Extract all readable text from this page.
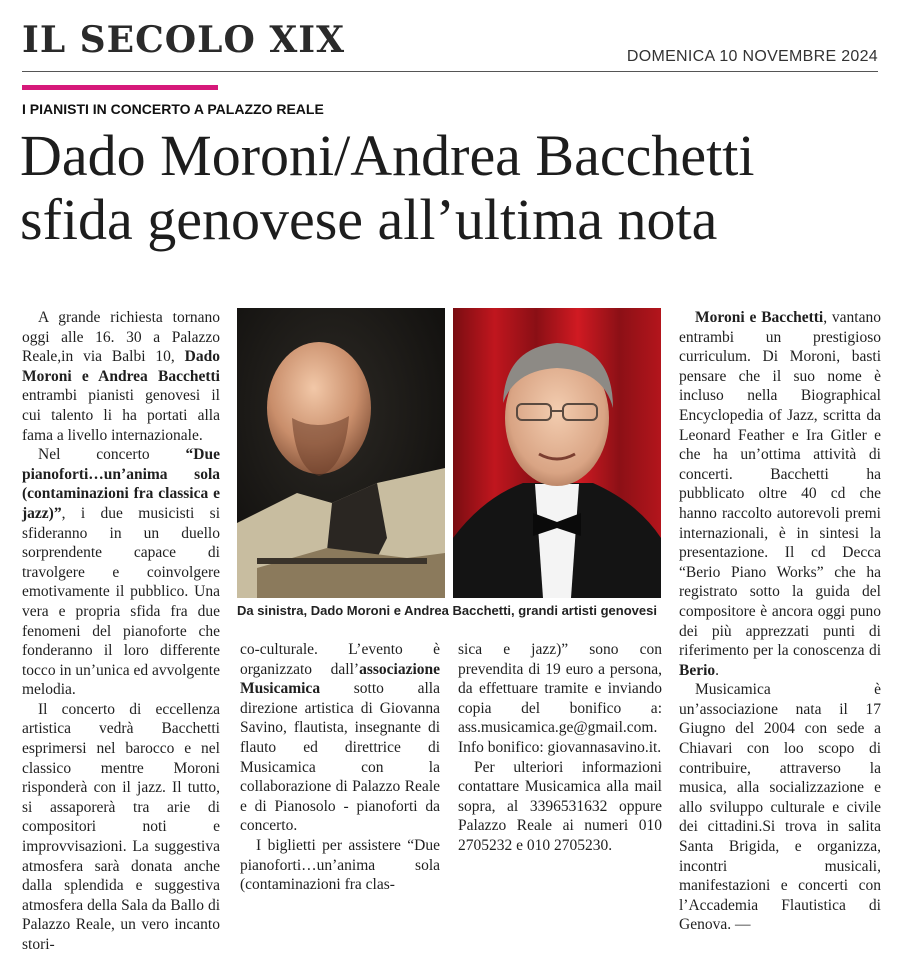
IL SECOLO XIX	DOMENICA 10 NOVEMBRE 2024
I PIANISTI IN CONCERTO A PALAZZO REALE
Dado Moroni/Andrea Bacchetti
sfida genovese all’ultima nota

A grande richiesta tornano oggi alle 16. 30 a Palazzo Reale,in via Balbi 10, Dado Moroni e Andrea Bacchetti entrambi pianisti genovesi il cui talento li ha portati alla fama a livello internazionale.

Nel concerto “Due pianoforti…un’anima sola (contaminazioni fra classica e jazz)”, i due musicisti si sfideranno in un duello sorprendente capace di travolgere e coinvolgere emotivamente il pubblico. Una vera e propria sfida fra due fenomeni del pianoforte che fonderanno il loro differente tocco in un’unica ed avvolgente melodia.

Il concerto di eccellenza artistica vedrà Bacchetti esprimersi nel barocco e nel classico mentre Moroni risponderà con il jazz. Il tutto, si assaporerà tra arie di compositori noti e improvvisazioni. La suggestiva atmosfera sarà donata anche dalla splendida e suggestiva atmosfera della Sala da Ballo di Palazzo Reale, un vero incanto stori-

Da sinistra, Dado Moroni e Andrea Bacchetti, grandi artisti genovesi

co-culturale. L’evento è organizzato dall’associazione Musicamica sotto alla direzione artistica di Giovanna Savino, flautista, insegnante di flauto ed direttrice di Musicamica con la collaborazione di Palazzo Reale e di Pianosolo - pianoforti da concerto.

I biglietti per assistere “Due pianoforti…un’anima sola (contaminazioni fra clas-

sica e jazz)” sono con prevendita di 19 euro a persona, da effettuare tramite e inviando copia del bonifico a: ass.musicamica.ge@gmail.com. Info bonifico: giovannasavino.it.

Per ulteriori informazioni contattare Musicamica alla mail sopra, al 3396531632 oppure Palazzo Reale ai numeri 010 2705232 e 010 2705230.

Moroni e Bacchetti, vantano entrambi un prestigioso curriculum. Di Moroni, basti pensare che il suo nome è incluso nella Biographical Encyclopedia of Jazz, scritta da Leonard Feather e Ira Gitler e che ha un’ottima attività di concerti. Bacchetti ha pubblicato oltre 40 cd che hanno raccolto autorevoli premi internazionali, è in sintesi la presentazione. Il cd Decca “Berio Piano Works” che ha registrato sotto la guida del compositore è ancora oggi puno dei più apprezzati punti di riferimento per la conoscenza di Berio.

Musicamica è un’associazione nata il 17 Giugno del 2004 con sede a Chiavari con loo scopo di contribuire, attraverso la musica, alla socializzazione e allo sviluppo culturale e civile dei cittadini.Si trova in salita Santa Brigida, e organizza, incontri musicali, manifestazioni e concerti con l’Accademia Flautistica di Genova. —
